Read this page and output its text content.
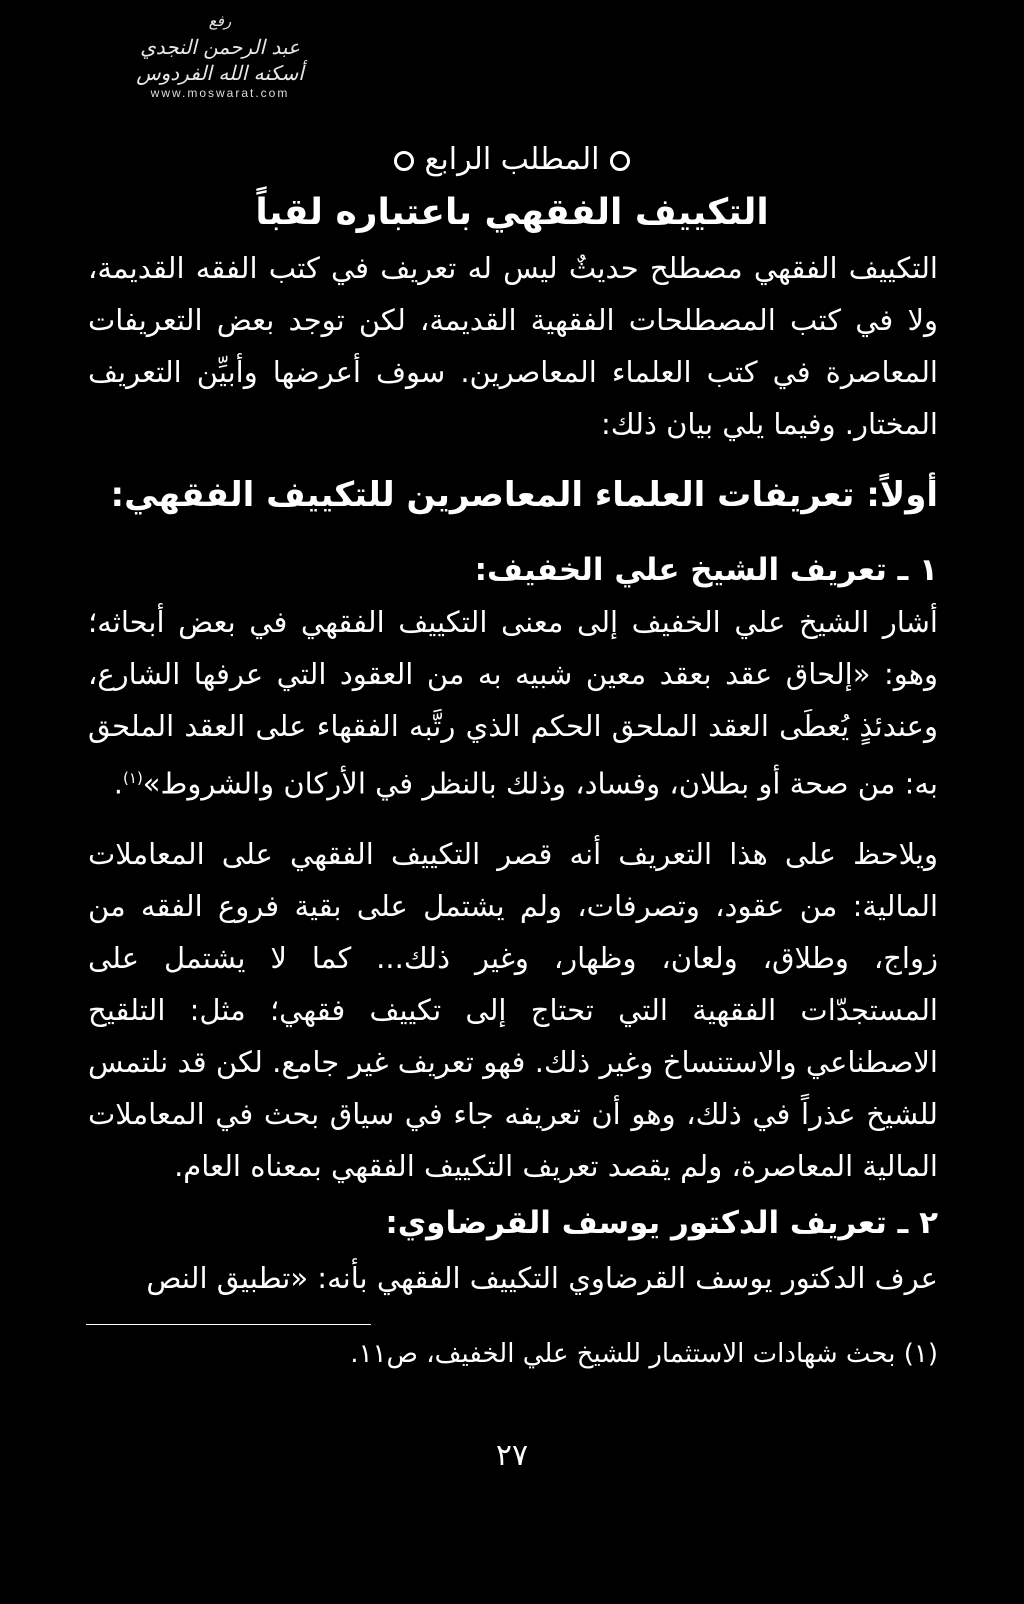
رفع
عبد الرحمن النجدي
أسكنه الله الفردوس
www.moswarat.com
المطلب الرابع
التكييف الفقهي باعتباره لقباً
التكييف الفقهي مصطلح حديثٌ ليس له تعريف في كتب الفقه القديمة، ولا في كتب المصطلحات الفقهية القديمة، لكن توجد بعض التعريفات المعاصرة في كتب العلماء المعاصرين. سوف أعرضها وأبيِّن التعريف المختار. وفيما يلي بيان ذلك:
أولاً: تعريفات العلماء المعاصرين للتكييف الفقهي:
١ ـ تعريف الشيخ علي الخفيف:
أشار الشيخ علي الخفيف إلى معنى التكييف الفقهي في بعض أبحاثه؛ وهو: «إلحاق عقد بعقد معين شبيه به من العقود التي عرفها الشارع، وعندئذٍ يُعطَى العقد الملحق الحكم الذي رتَّبه الفقهاء على العقد الملحق به: من صحة أو بطلان، وفساد، وذلك بالنظر في الأركان والشروط»$^{(١)}$.
ويلاحظ على هذا التعريف أنه قصر التكييف الفقهي على المعاملات المالية: من عقود، وتصرفات، ولم يشتمل على بقية فروع الفقه من زواج، وطلاق، ولعان، وظهار، وغير ذلك... كما لا يشتمل على المستجدّات الفقهية التي تحتاج إلى تكييف فقهي؛ مثل: التلقيح الاصطناعي والاستنساخ وغير ذلك. فهو تعريف غير جامع. لكن قد نلتمس للشيخ عذراً في ذلك، وهو أن تعريفه جاء في سياق بحث في المعاملات المالية المعاصرة، ولم يقصد تعريف التكييف الفقهي بمعناه العام.
٢ ـ تعريف الدكتور يوسف القرضاوي:
عرف الدكتور يوسف القرضاوي التكييف الفقهي بأنه: «تطبيق النص
(١) بحث شهادات الاستثمار للشيخ علي الخفيف، ص١١.
٢٧
